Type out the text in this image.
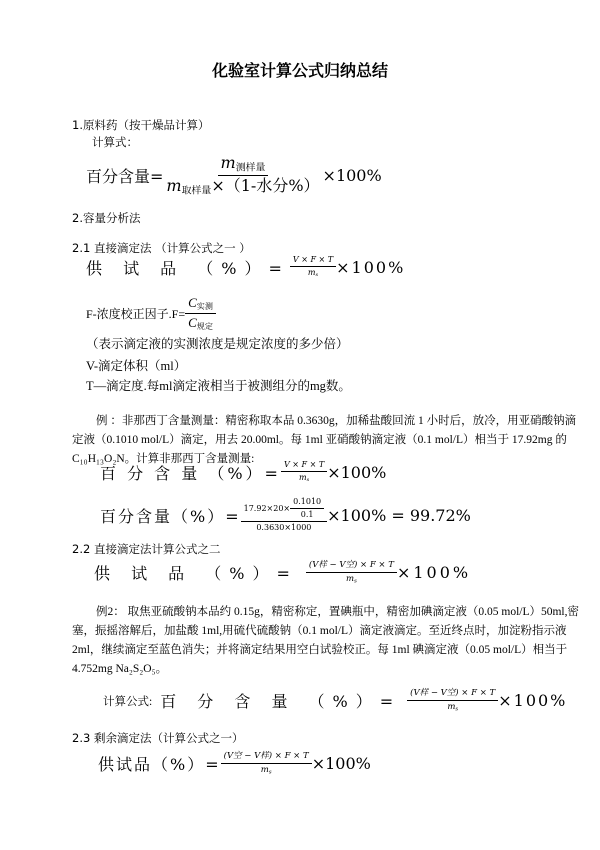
化验室计算公式归纳总结
1.原料药（按干燥品计算）
计算式：
百分含量= $\frac{m_{测样量}}{m_{取样量}\times(1-水分\%)} \times 100\%$
2.容量分析法
2.1 直接滴定法 （计算公式之一 ）
供 试 品 （%）= $\frac{V \times F \times T}{m_s} \times 100\%$
F-浓度校正因子$.F= \frac{C_{实测}}{C_{规定}}$
（表示滴定液的实测浓度是规定浓度的多少倍）
V-滴定体积（ml）
T—滴定度.每ml滴定液相当于被测组分的mg数。
例 ：非那西丁含量测量：精密称取本品 0.3630g，加稀盐酸回流 1 小时后，放冷，用亚硝酸钠滴定液（0.1010 mol/L）滴定，用去 20.00ml。每 1ml 亚硝酸钠滴定液（0.1 mol/L）相当于 17.92mg 的 C₁₀H₁₃O₂N。计算非那西丁含量测量:
百 分 含 量 （%）= $\frac{V \times F \times T}{m_s} \times 100\%$
百分含量（%）= $\frac{17.92\times 20\times \frac{0.1010}{0.1}}{0.3630\times 1000} \times 100\% = 99.72\%$
2.2 直接滴定法计算公式之二
供 试 品 （%）= $\frac{\text{(V样 − V空) × F × T}}{m_s} \times 100\%$
例2： 取焦亚硫酸钠本品约 0.15g，精密称定，置碘瓶中，精密加碘滴定液（0.05 mol/L）50ml,密塞，振摇溶解后，加盐酸 1ml,用硫代硫酸钠（0.1 mol/L）滴定液滴定。至近终点时，加淀粉指示液 2ml，继续滴定至蓝色消失；并将滴定结果用空白试验校正。每 1ml 碘滴定液（0.05 mol/L）相当于 4.752mg Na₂S₂O₅。
计算公式: 百 分 含 量 （%）= $\frac{\text{(V样 − V空) × F × T}}{m_s} \times 100\%$
2.3 剩余滴定法（计算公式之一）
供试品（%）= $\frac{\text{(V空 − V样) × F × T}}{m_s} \times 100\%$
